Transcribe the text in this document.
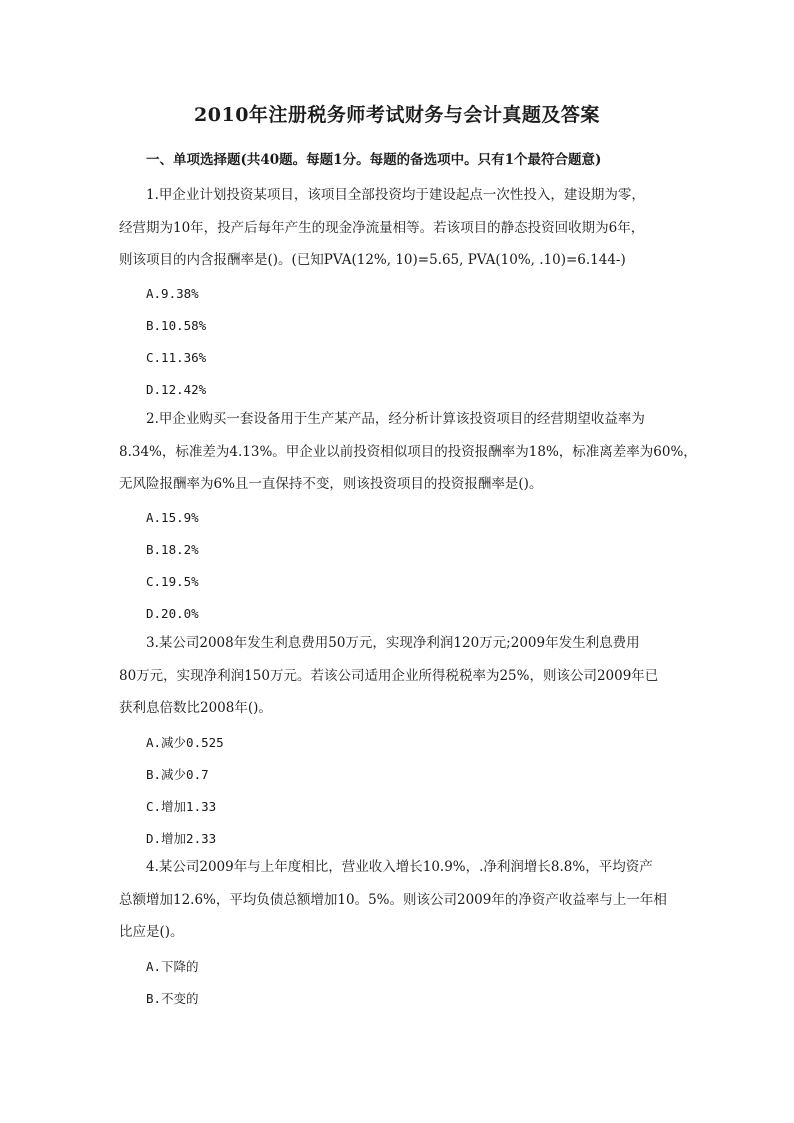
2010年注册税务师考试财务与会计真题及答案
一、单项选择题(共40题。每题1分。每题的备选项中。只有1个最符合题意)
1.甲企业计划投资某项目，该项目全部投资均于建设起点一次性投入，建设期为零，
经营期为10年，投产后每年产生的现金净流量相等。若该项目的静态投资回收期为6年，
则该项目的内含报酬率是()。(已知PVA(12%, 10)=5.65, PVA(10%, .10)=6.144-)
A.9.38%
B.10.58%
C.11.36%
D.12.42%
2.甲企业购买一套设备用于生产某产品，经分析计算该投资项目的经营期望收益率为
8.34%，标准差为4.13%。甲企业以前投资相似项目的投资报酬率为18%，标准离差率为60%，
无风险报酬率为6%且一直保持不变，则该投资项目的投资报酬率是()。
A.15.9%
B.18.2%
C.19.5%
D.20.0%
3.某公司2008年发生利息费用50万元，实现净利润120万元;2009年发生利息费用
80万元，实现净利润150万元。若该公司适用企业所得税税率为25%，则该公司2009年已
获利息倍数比2008年()。
A.减少0.525
B.减少0.7
C.增加1.33
D.增加2.33
4.某公司2009年与上年度相比，营业收入增长10.9%，.净利润增长8.8%，平均资产
总额增加12.6%，平均负债总额增加10。5%。则该公司2009年的净资产收益率与上一年相
比应是()。
A.下降的
B.不变的
